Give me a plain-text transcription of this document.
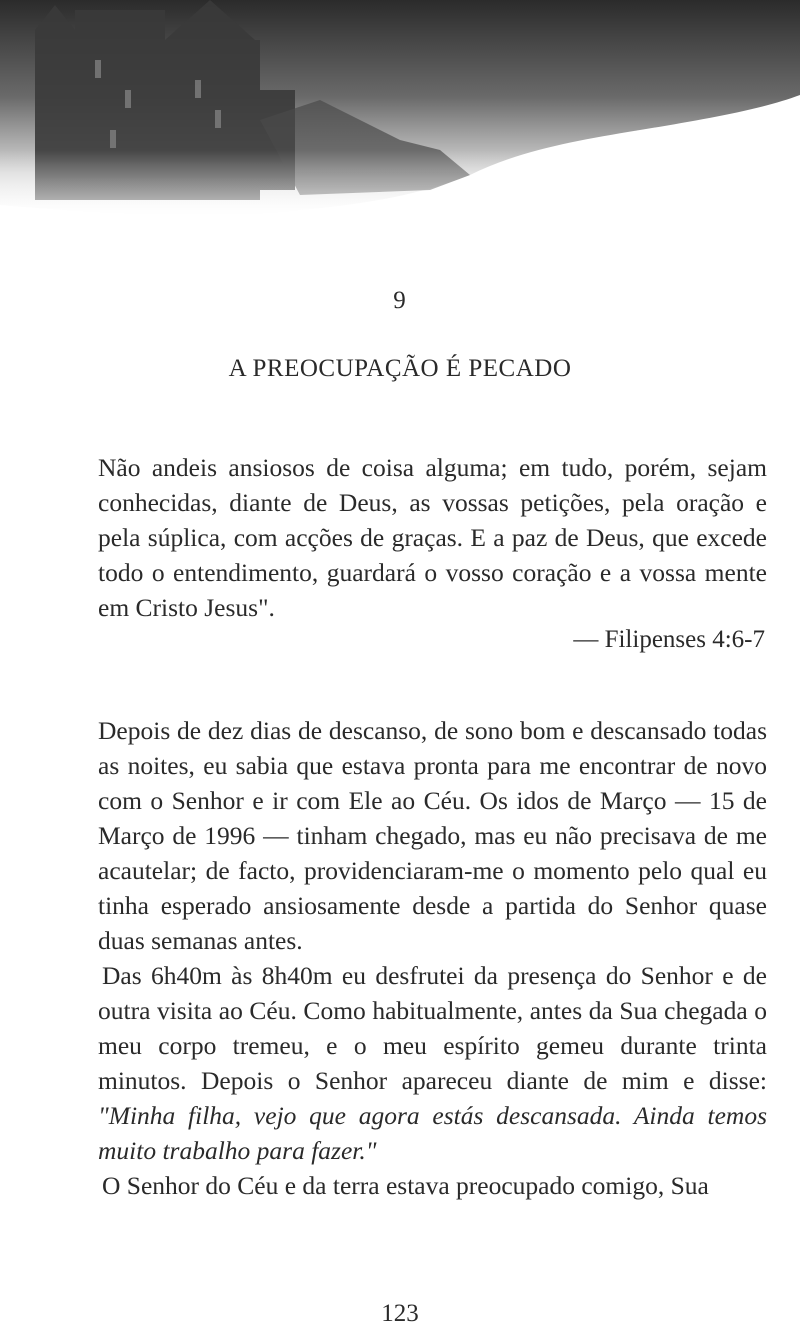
9
A PREOCUPAÇÃO É PECADO

Não andeis ansiosos de coisa alguma; em tudo, porém, sejam conhecidas, diante de Deus, as vossas petições, pela oração e pela súplica, com acções de graças. E a paz de Deus, que excede todo o entendimento, guardará o vosso coração e a vossa mente em Cristo Jesus".

— Filipenses 4:6-7

Depois de dez dias de descanso, de sono bom e descansado todas as noites, eu sabia que estava pronta para me encontrar de novo com o Senhor e ir com Ele ao Céu. Os idos de Março — 15 de Março de 1996 — tinham chegado, mas eu não precisava de me acautelar; de facto, providenciaram-me o momento pelo qual eu tinha esperado ansiosamente desde a partida do Senhor quase duas semanas antes.

Das 6h40m às 8h40m eu desfrutei da presença do Senhor e de outra visita ao Céu. Como habitualmente, antes da Sua chegada o meu corpo tremeu, e o meu espírito gemeu durante trinta minutos. Depois o Senhor apareceu diante de mim e disse: "Minha filha, vejo que agora estás descansada. Ainda temos muito trabalho para fazer."

O Senhor do Céu e da terra estava preocupado comigo, Sua

123
